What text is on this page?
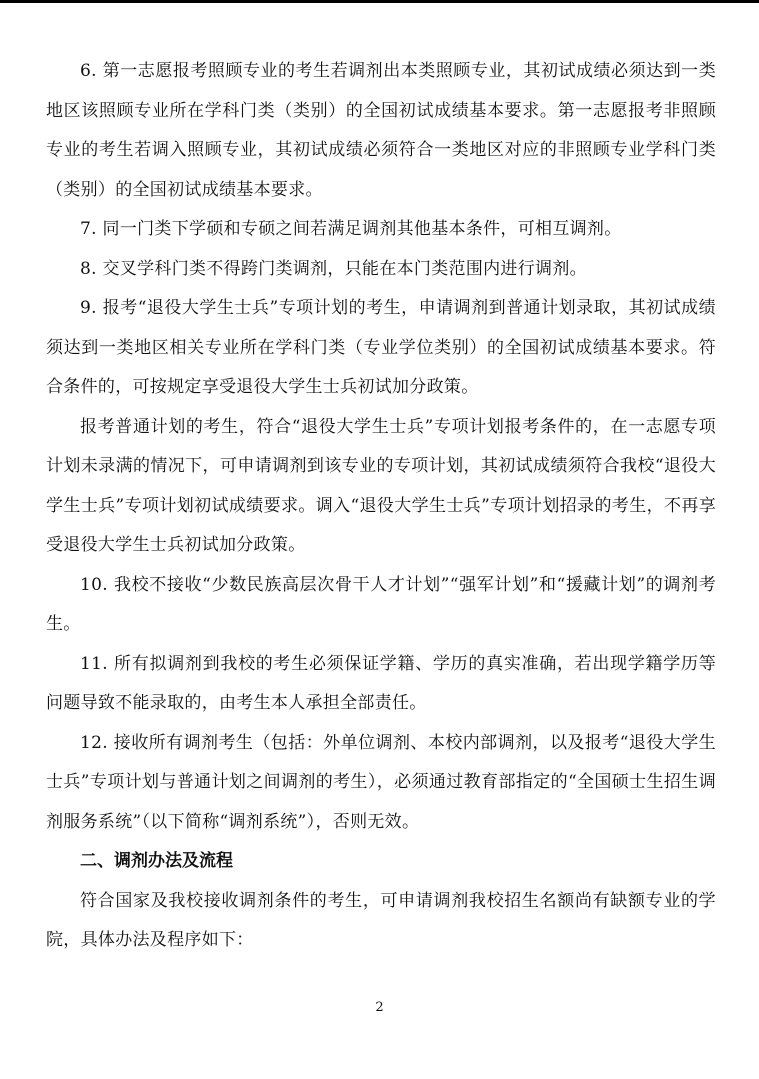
6. 第一志愿报考照顾专业的考生若调剂出本类照顾专业，其初试成绩必须达到一类地区该照顾专业所在学科门类（类别）的全国初试成绩基本要求。第一志愿报考非照顾专业的考生若调入照顾专业，其初试成绩必须符合一类地区对应的非照顾专业学科门类（类别）的全国初试成绩基本要求。

7. 同一门类下学硕和专硕之间若满足调剂其他基本条件，可相互调剂。

8. 交叉学科门类不得跨门类调剂，只能在本门类范围内进行调剂。

9. 报考“退役大学生士兵”专项计划的考生，申请调剂到普通计划录取，其初试成绩须达到一类地区相关专业所在学科门类（专业学位类别）的全国初试成绩基本要求。符合条件的，可按规定享受退役大学生士兵初试加分政策。

报考普通计划的考生，符合“退役大学生士兵”专项计划报考条件的，在一志愿专项计划未录满的情况下，可申请调剂到该专业的专项计划，其初试成绩须符合我校“退役大学生士兵”专项计划初试成绩要求。调入“退役大学生士兵”专项计划招录的考生，不再享受退役大学生士兵初试加分政策。

10. 我校不接收“少数民族高层次骨干人才计划”“强军计划”和“援藏计划”的调剂考生。

11. 所有拟调剂到我校的考生必须保证学籍、学历的真实准确，若出现学籍学历等问题导致不能录取的，由考生本人承担全部责任。

12. 接收所有调剂考生（包括：外单位调剂、本校内部调剂，以及报考“退役大学生士兵”专项计划与普通计划之间调剂的考生），必须通过教育部指定的“全国硕士生招生调剂服务系统”（以下简称“调剂系统”），否则无效。

二、调剂办法及流程

符合国家及我校接收调剂条件的考生，可申请调剂我校招生名额尚有缺额专业的学院，具体办法及程序如下：

2
